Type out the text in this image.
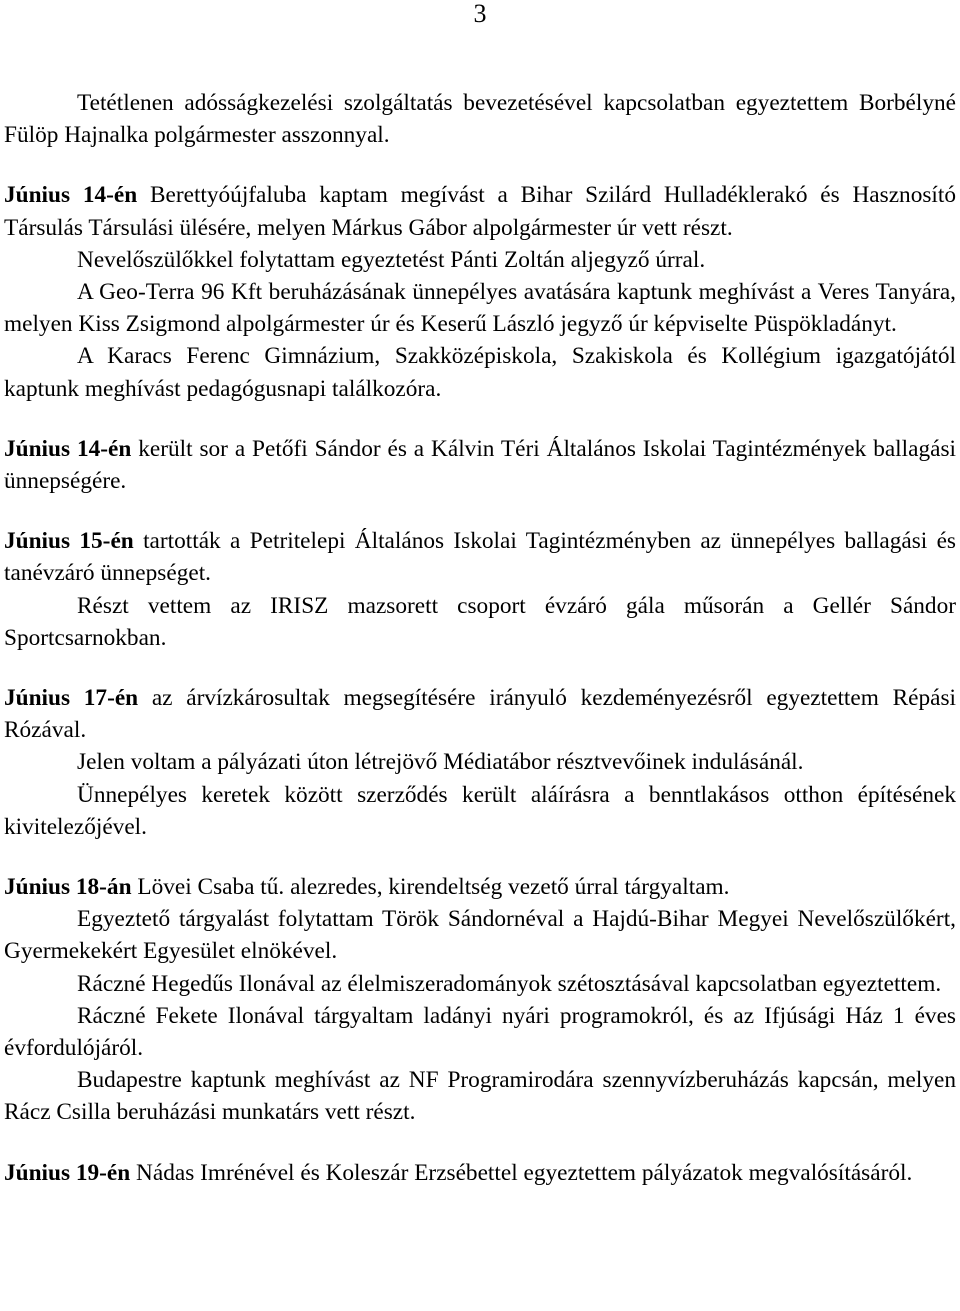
3

Tetétlenen adósságkezelési szolgáltatás bevezetésével kapcsolatban egyeztettem Borbélyné Fülöp Hajnalka polgármester asszonnyal.

Június 14-én Berettyóújfaluba kaptam megívást a Bihar Szilárd Hulladéklerakó és Hasznosító Társulás Társulási ülésére, melyen Márkus Gábor alpolgármester úr vett részt.

Nevelőszülőkkel folytattam egyeztetést Pánti Zoltán aljegyző úrral.

A Geo-Terra 96 Kft beruházásának ünnepélyes avatására kaptunk meghívást a Veres Tanyára, melyen Kiss Zsigmond alpolgármester úr és Keserű László jegyző úr képviselte Püspökladányt.

A Karacs Ferenc Gimnázium, Szakközépiskola, Szakiskola és Kollégium igazgatójától kaptunk meghívást pedagógusnapi találkozóra.

Június 14-én került sor a Petőfi Sándor és a Kálvin Téri Általános Iskolai Tagintézmények ballagási ünnepségére.

Június 15-én tartották a Petritelepi Általános Iskolai Tagintézményben az ünnepélyes ballagási és tanévzáró ünnepséget.

Részt vettem az IRISZ mazsorett csoport évzáró gála műsorán a Gellér Sándor Sportcsarnokban.

Június 17-én az árvízkárosultak megsegítésére irányuló kezdeményezésről egyeztettem Répási Rózával.

Jelen voltam a pályázati úton létrejövő Médiatábor résztvevőinek indulásánál.

Ünnepélyes keretek között szerződés került aláírásra a benntlakásos otthon építésének kivitelezőjével.

Június 18-án Lövei Csaba tű. alezredes, kirendeltség vezető úrral tárgyaltam.

Egyeztető tárgyalást folytattam Török Sándornéval a Hajdú-Bihar Megyei Nevelőszülőkért, Gyermekekért Egyesület elnökével.

Ráczné Hegedűs Ilonával az élelmiszeradományok szétosztásával kapcsolatban egyeztettem.

Ráczné Fekete Ilonával tárgyaltam ladányi nyári programokról, és az Ifjúsági Ház 1 éves évfordulójáról.

Budapestre kaptunk meghívást az NF Programirodára szennyvízberuházás kapcsán, melyen Rácz Csilla beruházási munkatárs vett részt.

Június 19-én Nádas Imrénével és Koleszár Erzsébettel egyeztettem pályázatok megvalósításáról.
